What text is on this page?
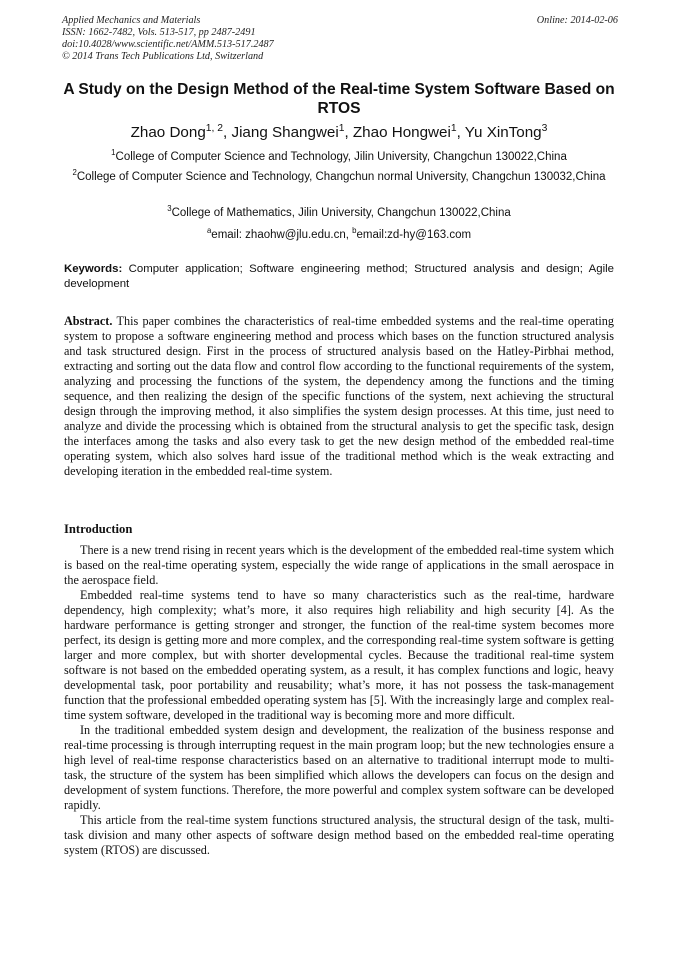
Applied Mechanics and Materials
ISSN: 1662-7482, Vols. 513-517, pp 2487-2491
doi:10.4028/www.scientific.net/AMM.513-517.2487
© 2014 Trans Tech Publications Ltd, Switzerland
Online: 2014-02-06
A Study on the Design Method of the Real-time System Software Based on RTOS
Zhao Dong$^{1, 2}$, Jiang Shangwei$^1$, Zhao Hongwei$^1$, Yu XinTong$^3$
$^1$College of Computer Science and Technology, Jilin University, Changchun 130022,China
$^2$College of Computer Science and Technology, Changchun normal University, Changchun 130032,China
$^3$College of Mathematics, Jilin University, Changchun 130022,China
$^a$email: zhaohw@jlu.edu.cn, $^b$email:zd-hy@163.com
Keywords: Computer application; Software engineering method; Structured analysis and design; Agile development
Abstract. This paper combines the characteristics of real-time embedded systems and the real-time operating system to propose a software engineering method and process which bases on the function structured analysis and task structured design. First in the process of structured analysis based on the Hatley-Pirbhai method, extracting and sorting out the data flow and control flow according to the functional requirements of the system, analyzing and processing the functions of the system, the dependency among the functions and the timing sequence, and then realizing the design of the specific functions of the system, next achieving the structural design through the improving method, it also simplifies the system design processes. At this time, just need to analyze and divide the processing which is obtained from the structural analysis to get the specific task, design the interfaces among the tasks and also every task to get the new design method of the embedded real-time operating system, which also solves hard issue of the traditional method which is the weak extracting and developing iteration in the embedded real-time system.
Introduction

There is a new trend rising in recent years which is the development of the embedded real-time system which is based on the real-time operating system, especially the wide range of applications in the small aerospace in the aerospace field.

Embedded real-time systems tend to have so many characteristics such as the real-time, hardware dependency, high complexity; what’s more, it also requires high reliability and high security [4]. As the hardware performance is getting stronger and stronger, the function of the real-time system becomes more perfect, its design is getting more and more complex, and the corresponding real-time system software is getting larger and more complex, but with shorter developmental cycles. Because the traditional real-time system software is not based on the embedded operating system, as a result, it has complex functions and logic, heavy developmental task, poor portability and reusability; what’s more, it has not possess the task-management function that the professional embedded operating system has [5]. With the increasingly large and complex real-time system software, developed in the traditional way is becoming more and more difficult.

In the traditional embedded system design and development, the realization of the business response and real-time processing is through interrupting request in the main program loop; but the new technologies ensure a high level of real-time response characteristics based on an alternative to traditional interrupt mode to multi-task, the structure of the system has been simplified which allows the developers can focus on the design and development of system functions. Therefore, the more powerful and complex system software can be developed rapidly.

This article from the real-time system functions structured analysis, the structural design of the task, multi-task division and many other aspects of software design method based on the embedded real-time operating system (RTOS) are discussed.
